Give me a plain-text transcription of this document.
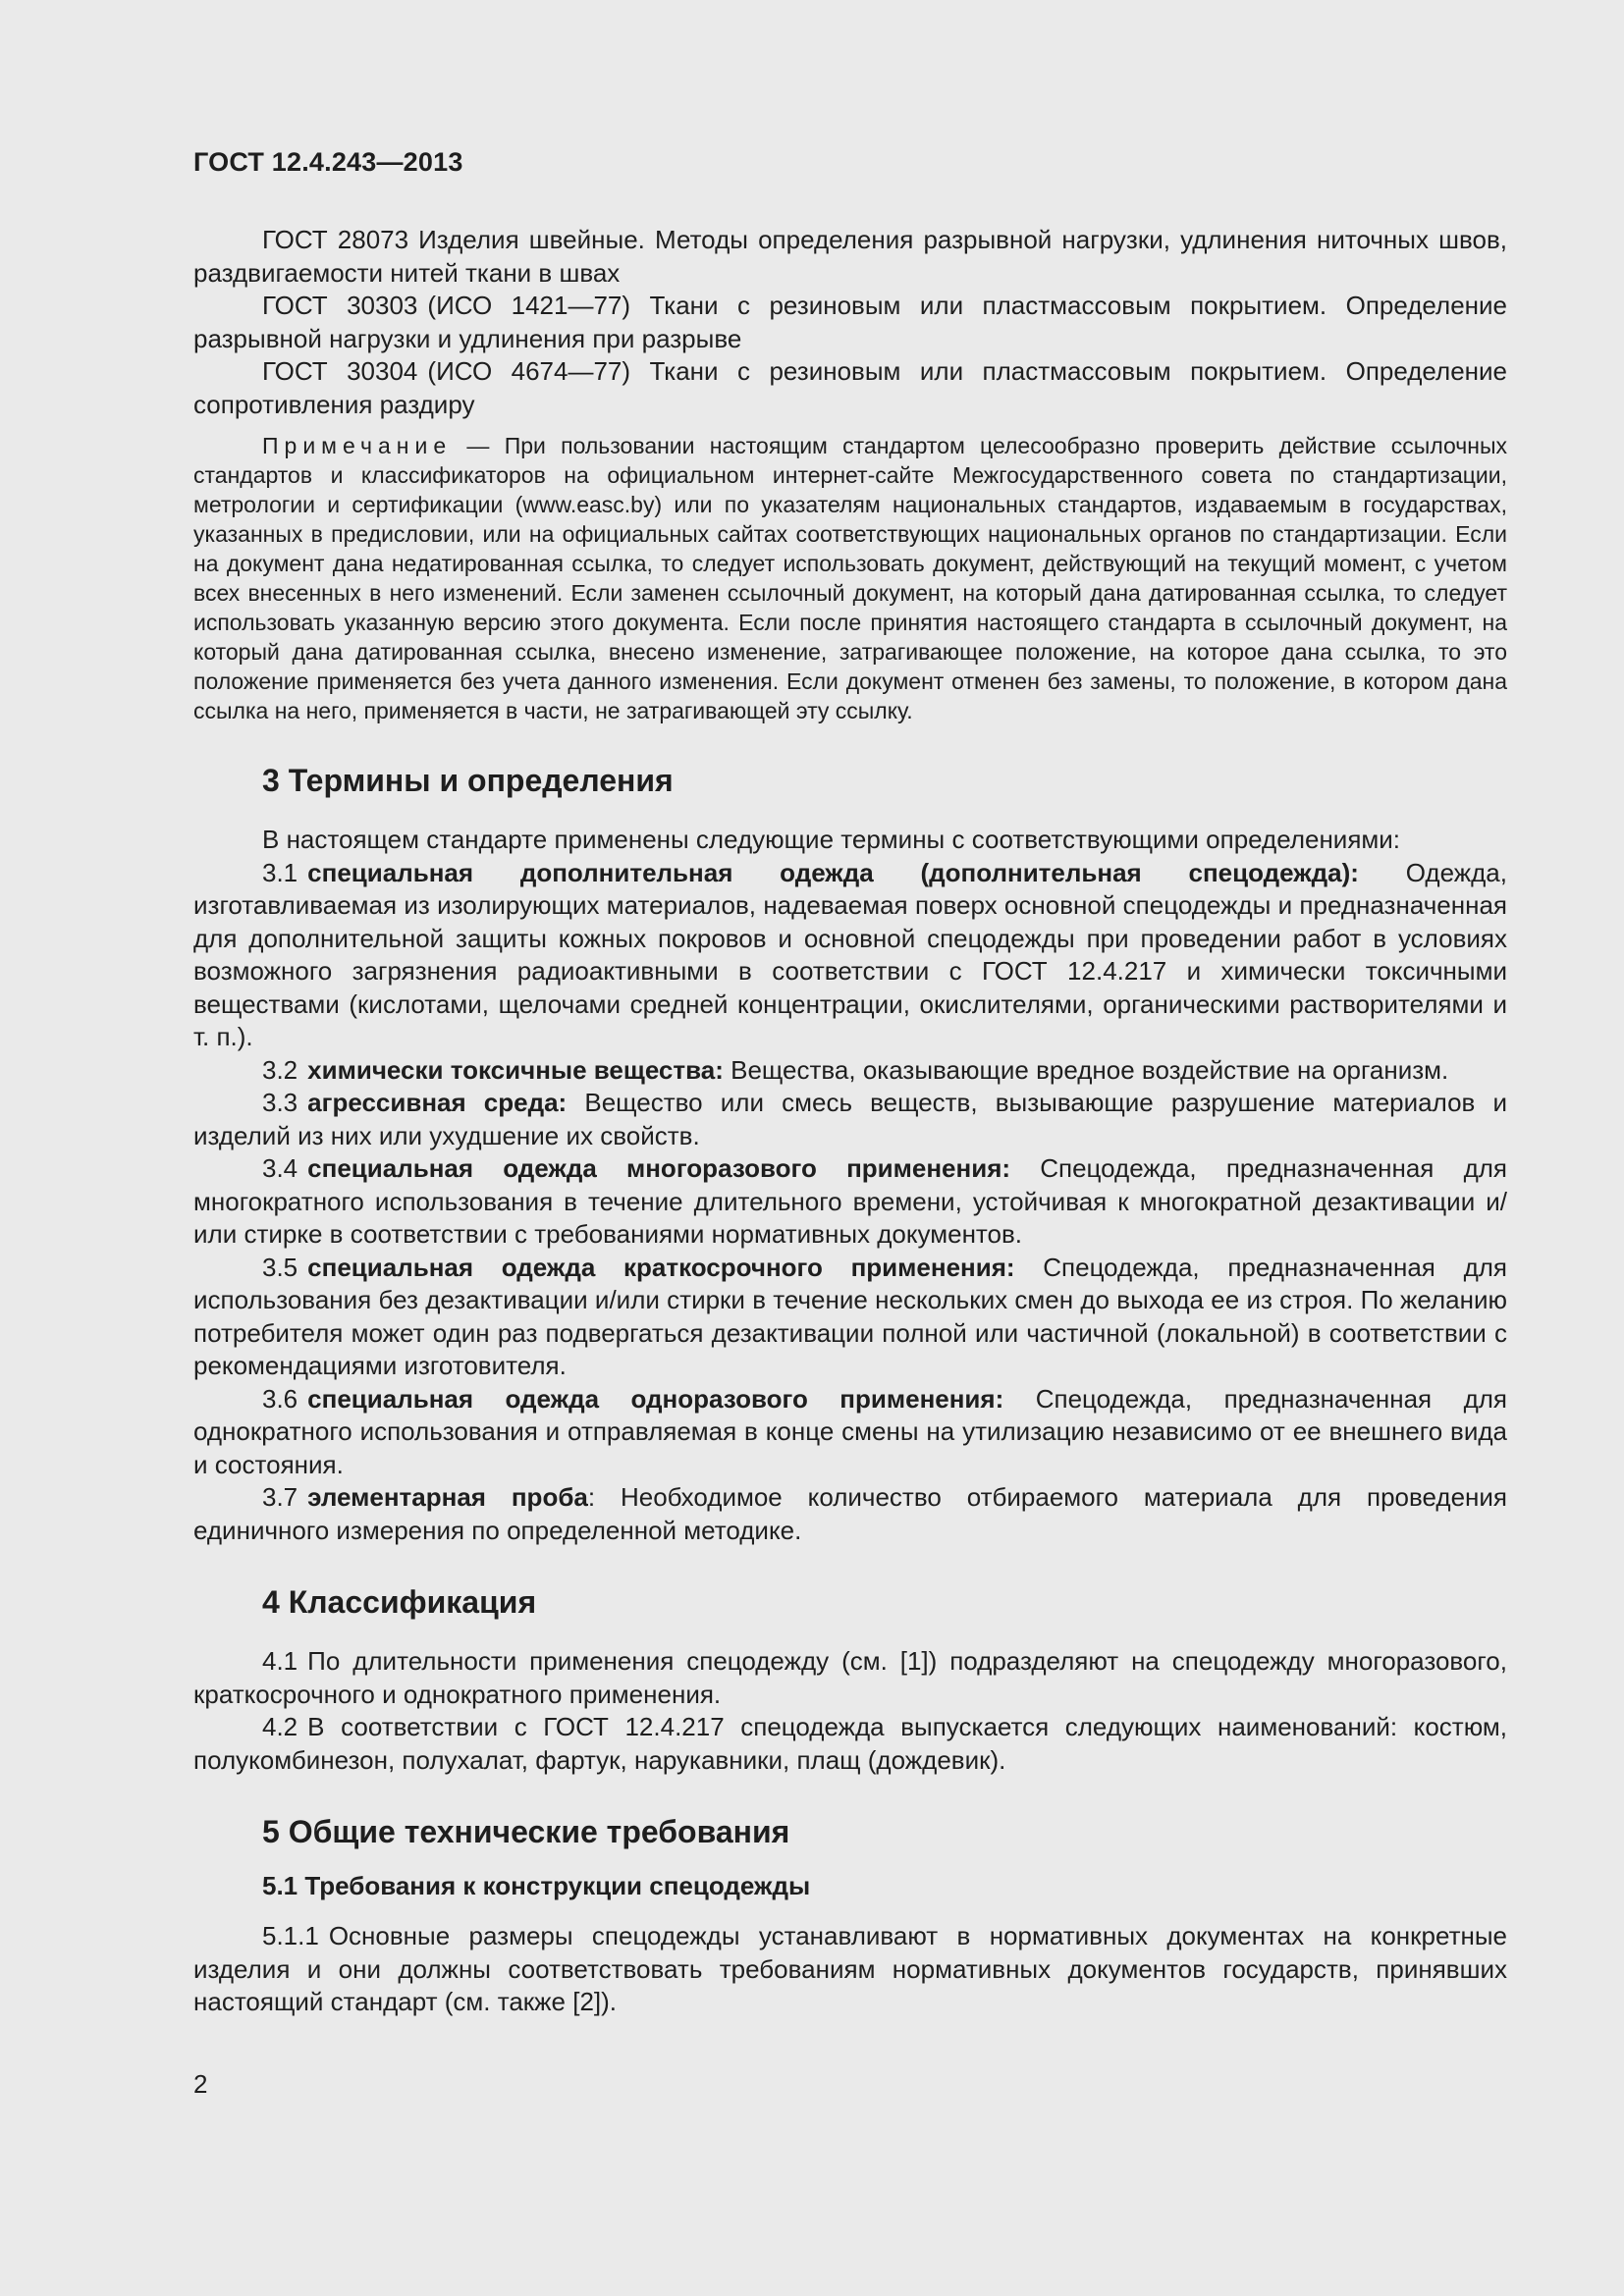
ГОСТ 12.4.243—2013

ГОСТ 28073 Изделия швейные. Методы определения разрывной нагрузки, удлинения ниточных швов, раздвигаемости нитей ткани в швах

ГОСТ 30303 (ИСО 1421—77) Ткани с резиновым или пластмассовым покрытием. Определение разрывной нагрузки и удлинения при разрыве

ГОСТ 30304 (ИСО 4674—77) Ткани с резиновым или пластмассовым покрытием. Определение сопротивления раздиру

Примечание — При пользовании настоящим стандартом целесообразно проверить действие ссылочных стандартов и классификаторов на официальном интернет-сайте Межгосударственного совета по стандартизации, метрологии и сертификации (www.easc.by) или по указателям национальных стандартов, издаваемым в государствах, указанных в предисловии, или на официальных сайтах соответствующих национальных органов по стандартизации. Если на документ дана недатированная ссылка, то следует использовать документ, действующий на текущий момент, с учетом всех внесенных в него изменений. Если заменен ссылочный документ, на который дана датированная ссылка, то следует использовать указанную версию этого документа. Если после принятия настоящего стандарта в ссылочный документ, на который дана датированная ссылка, внесено изменение, затрагивающее положение, на которое дана ссылка, то это положение применяется без учета данного изменения. Если документ отменен без замены, то положение, в котором дана ссылка на него, применяется в части, не затрагивающей эту ссылку.

3 Термины и определения

В настоящем стандарте применены следующие термины с соответствующими определениями:

3.1 специальная дополнительная одежда (дополнительная спецодежда): Одежда, изготавливаемая из изолирующих материалов, надеваемая поверх основной спецодежды и предназначенная для дополнительной защиты кожных покровов и основной спецодежды при проведении работ в условиях возможного загрязнения радиоактивными в соответствии с ГОСТ 12.4.217 и химически токсичными веществами (кислотами, щелочами средней концентрации, окислителями, органическими растворителями и т. п.).

3.2 химически токсичные вещества: Вещества, оказывающие вредное воздействие на организм.

3.3 агрессивная среда: Вещество или смесь веществ, вызывающие разрушение материалов и изделий из них или ухудшение их свойств.

3.4 специальная одежда многоразового применения: Спецодежда, предназначенная для многократного использования в течение длительного времени, устойчивая к многократной дезактивации и/или стирке в соответствии с требованиями нормативных документов.

3.5 специальная одежда краткосрочного применения: Спецодежда, предназначенная для использования без дезактивации и/или стирки в течение нескольких смен до выхода ее из строя. По желанию потребителя может один раз подвергаться дезактивации полной или частичной (локальной) в соответствии с рекомендациями изготовителя.

3.6 специальная одежда одноразового применения: Спецодежда, предназначенная для однократного использования и отправляемая в конце смены на утилизацию независимо от ее внешнего вида и состояния.

3.7 элементарная проба: Необходимое количество отбираемого материала для проведения единичного измерения по определенной методике.

4 Классификация

4.1 По длительности применения спецодежду (см. [1]) подразделяют на спецодежду многоразового, краткосрочного и однократного применения.

4.2 В соответствии с ГОСТ 12.4.217 спецодежда выпускается следующих наименований: костюм, полукомбинезон, полухалат, фартук, нарукавники, плащ (дождевик).

5 Общие технические требования
5.1 Требования к конструкции спецодежды

5.1.1 Основные размеры спецодежды устанавливают в нормативных документах на конкретные изделия и они должны соответствовать требованиям нормативных документов государств, принявших настоящий стандарт (см. также [2]).

2
